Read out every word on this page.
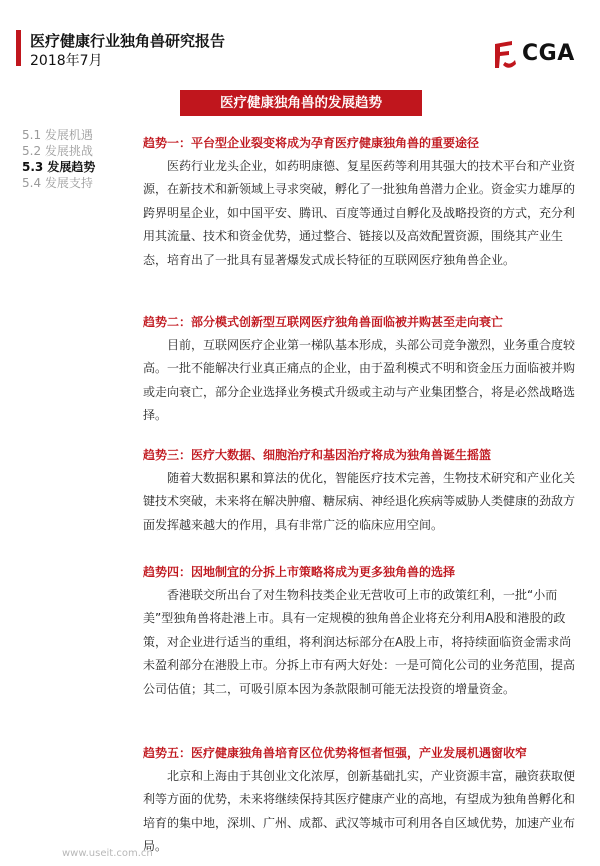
医疗健康行业独角兽研究报告
2018年7月	CGA
医疗健康独角兽的发展趋势
5.1 发展机遇
5.2 发展挑战
5.3 发展趋势
5.4 发展支持
趋势一：平台型企业裂变将成为孕育医疗健康独角兽的重要途径
医药行业龙头企业，如药明康德、复星医药等利用其强大的技术平台和产业资源，在新技术和新领域上寻求突破，孵化了一批独角兽潜力企业。资金实力雄厚的跨界明星企业，如中国平安、腾讯、百度等通过自孵化及战略投资的方式，充分利用其流量、技术和资金优势，通过整合、链接以及高效配置资源，围绕其产业生态，培育出了一批具有显著爆发式成长特征的互联网医疗独角兽企业。
趋势二：部分模式创新型互联网医疗独角兽面临被并购甚至走向衰亡
目前，互联网医疗企业第一梯队基本形成，头部公司竞争激烈，业务重合度较高。一批不能解决行业真正痛点的企业，由于盈利模式不明和资金压力面临被并购或走向衰亡，部分企业选择业务模式升级或主动与产业集团整合，将是必然战略选择。
趋势三：医疗大数据、细胞治疗和基因治疗将成为独角兽诞生摇篮
随着大数据积累和算法的优化，智能医疗技术完善，生物技术研究和产业化关键技术突破，未来将在解决肿瘤、糖尿病、神经退化疾病等威胁人类健康的劲敌方面发挥越来越大的作用，具有非常广泛的临床应用空间。
趋势四：因地制宜的分拆上市策略将成为更多独角兽的选择
香港联交所出台了对生物科技类企业无营收可上市的政策红利，一批“小而美”型独角兽将赴港上市。具有一定规模的独角兽企业将充分利用A股和港股的政策，对企业进行适当的重组，将利润达标部分在A股上市，将持续面临资金需求尚未盈利部分在港股上市。分拆上市有两大好处：一是可简化公司的业务范围，提高公司估值；其二，可吸引原本因为条款限制可能无法投资的增量资金。
趋势五：医疗健康独角兽培育区位优势将恒者恒强，产业发展机遇窗收窄
北京和上海由于其创业文化浓厚，创新基础扎实，产业资源丰富，融资获取便利等方面的优势，未来将继续保持其医疗健康产业的高地，有望成为独角兽孵化和培育的集中地，深圳、广州、成都、武汉等城市可利用各自区域优势，加速产业布局。
www.useit.com.cn
